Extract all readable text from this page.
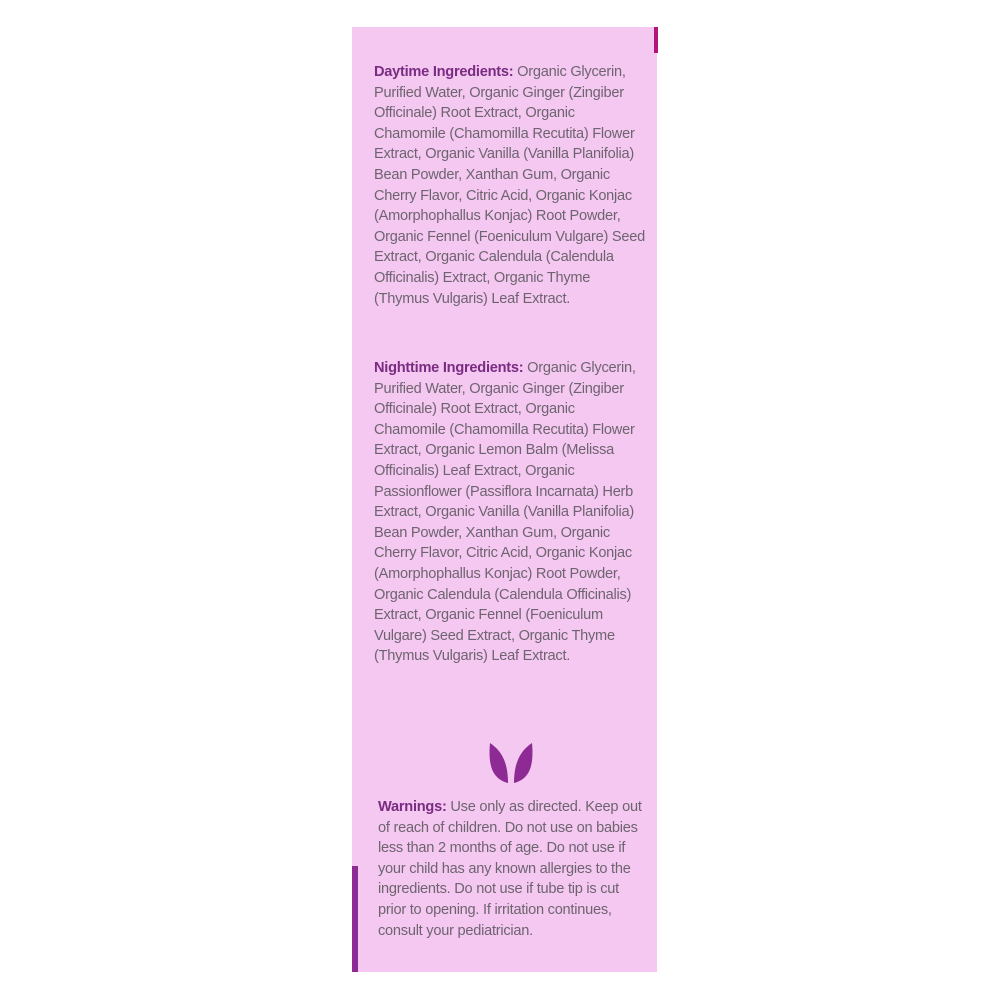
Daytime Ingredients: Organic Glycerin, Purified Water, Organic Ginger (Zingiber Officinale) Root Extract, Organic Chamomile (Chamomilla Recutita) Flower Extract, Organic Vanilla (Vanilla Planifolia) Bean Powder, Xanthan Gum, Organic Cherry Flavor, Citric Acid, Organic Konjac (Amorphophallus Konjac) Root Powder, Organic Fennel (Foeniculum Vulgare) Seed Extract, Organic Calendula (Calendula Officinalis) Extract, Organic Thyme (Thymus Vulgaris) Leaf Extract.

Nighttime Ingredients: Organic Glycerin, Purified Water, Organic Ginger (Zingiber Officinale) Root Extract, Organic Chamomile (Chamomilla Recutita) Flower Extract, Organic Lemon Balm (Melissa Officinalis) Leaf Extract, Organic Passionflower (Passiflora Incarnata) Herb Extract, Organic Vanilla (Vanilla Planifolia) Bean Powder, Xanthan Gum, Organic Cherry Flavor, Citric Acid, Organic Konjac (Amorphophallus Konjac) Root Powder, Organic Calendula (Calendula Officinalis) Extract, Organic Fennel (Foeniculum Vulgare) Seed Extract, Organic Thyme (Thymus Vulgaris) Leaf Extract.

Warnings: Use only as directed. Keep out of reach of children. Do not use on babies less than 2 months of age. Do not use if your child has any known allergies to the ingredients. Do not use if tube tip is cut prior to opening. If irritation continues, consult your pediatrician.
